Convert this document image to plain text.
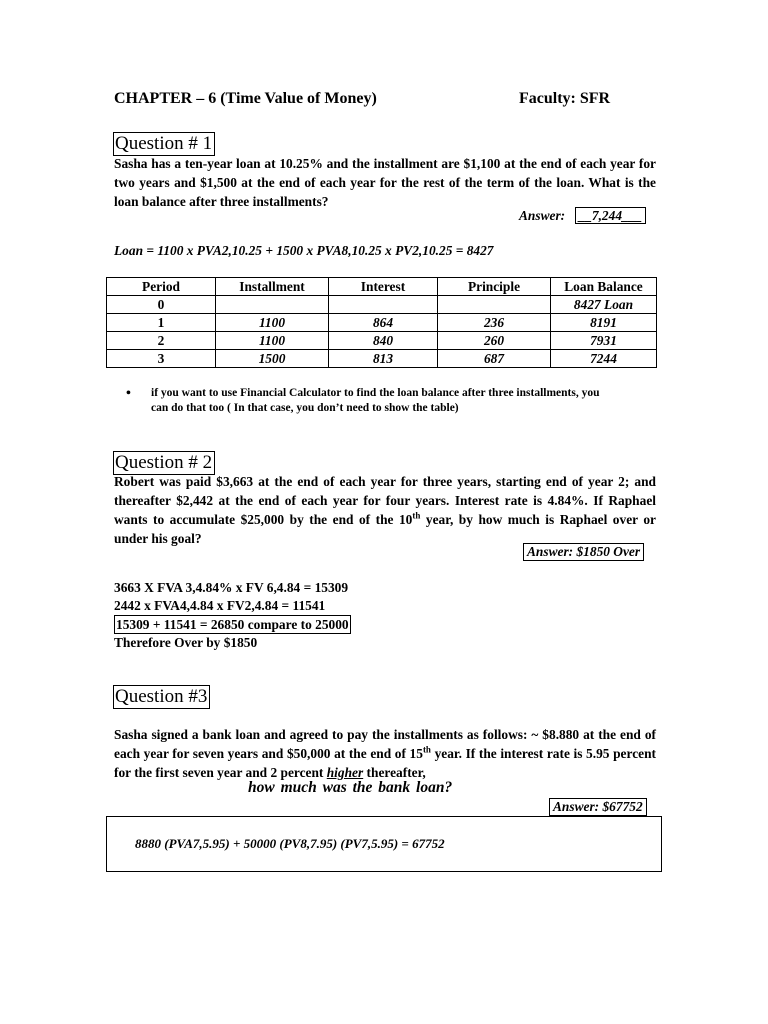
CHAPTER – 6 (Time Value of Money)	Faculty: SFR
Question # 1
Sasha has a ten-year loan at 10.25% and the installment are $1,100 at the end of each year for two years and $1,500 at the end of each year for the rest of the term of the loan. What is the loan balance after three installments?
Answer: __7,244___
Loan = 1100 x PVA2,10.25 + 1500 x PVA8,10.25 x PV2,10.25 = 8427
Period	Installment	Interest	Principle	Loan Balance
0				8427 Loan
1	1100	864	236	8191
2	1100	840	260	7931
3	1500	813	687	7244
• if you want to use Financial Calculator to find the loan balance after three installments, you
can do that too ( In that case, you don’t need to show the table)
Question # 2
Robert was paid $3,663 at the end of each year for three years, starting end of year 2; and thereafter $2,442 at the end of each year for four years. Interest rate is 4.84%. If Raphael wants to accumulate $25,000 by the end of the 10th year, by how much is Raphael over or under his goal?
Answer: $1850 Over
3663 X FVA 3,4.84% x FV 6,4.84 = 15309
2442 x FVA4,4.84 x FV2,4.84 = 11541
15309 + 11541 = 26850 compare to 25000
Therefore Over by $1850
Question #3
Sasha signed a bank loan and agreed to pay the installments as follows: ~ $8.880 at the end of each year for seven years and $50,000 at the end of 15th year. If the interest rate is 5.95 percent for the first seven year and 2 percent higher thereafter,
how much was the bank loan?
Answer: $67752
8880 (PVA7,5.95) + 50000 (PV8,7.95) (PV7,5.95) = 67752
